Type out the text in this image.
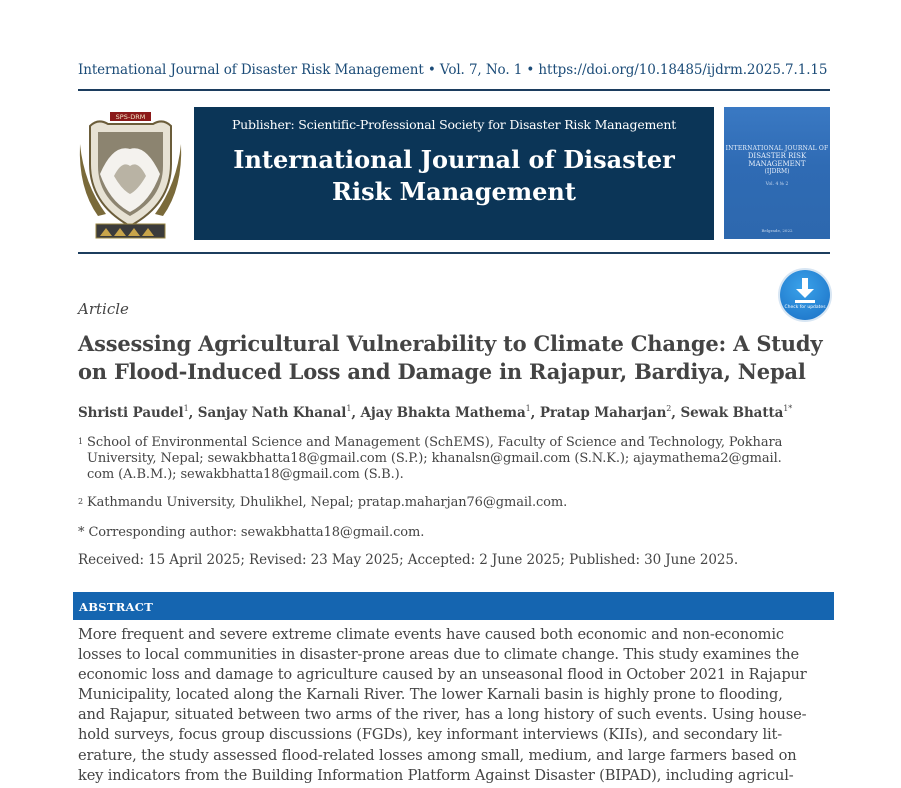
International Journal of Disaster Risk Management • Vol. 7, No. 1 • https://doi.org/10.18485/ijdrm.2025.7.1.15
SPS-DRM	Publisher: Scientific-Professional Society for Disaster Risk Management
International Journal of Disaster
Risk Management
INTERNATIONAL JOURNAL OF
DISASTER RISK
MANAGEMENT
(IJDRM)
Vol. 4 № 2
Belgrade, 2022
Check for updates
Article
Assessing Agricultural Vulnerability to Climate Change: A Study on Flood-Induced Loss and Damage in Rajapur, Bardiya, Nepal
Shristi Paudel$^1$, Sanjay Nath Khanal$^1$, Ajay Bhakta Mathema$^1$, Pratap Maharjan$^2$, Sewak Bhatta$^{1*}$
$^1$ School of Environmental Science and Management (SchEMS), Faculty of Science and Technology, Pokhara
University, Nepal; sewakbhatta18@gmail.com (S.P.); khanalsn@gmail.com (S.N.K.); ajaymathema2@gmail.
com (A.B.M.); sewakbhatta18@gmail.com (S.B.).
$^2$ Kathmandu University, Dhulikhel, Nepal; pratap.maharjan76@gmail.com.
* Corresponding author: sewakbhatta18@gmail.com.
Received: 15 April 2025; Revised: 23 May 2025; Accepted: 2 June 2025; Published: 30 June 2025.
ABSTRACT
More frequent and severe extreme climate events have caused both economic and non-economic
losses to local communities in disaster-prone areas due to climate change. This study examines the
economic loss and damage to agriculture caused by an unseasonal flood in October 2021 in Rajapur
Municipality, located along the Karnali River. The lower Karnali basin is highly prone to flooding,
and Rajapur, situated between two arms of the river, has a long history of such events. Using house-
hold surveys, focus group discussions (FGDs), key informant interviews (KIIs), and secondary lit-
erature, the study assessed flood-related losses among small, medium, and large farmers based on
key indicators from the Building Information Platform Against Disaster (BIPAD), including agricul-
